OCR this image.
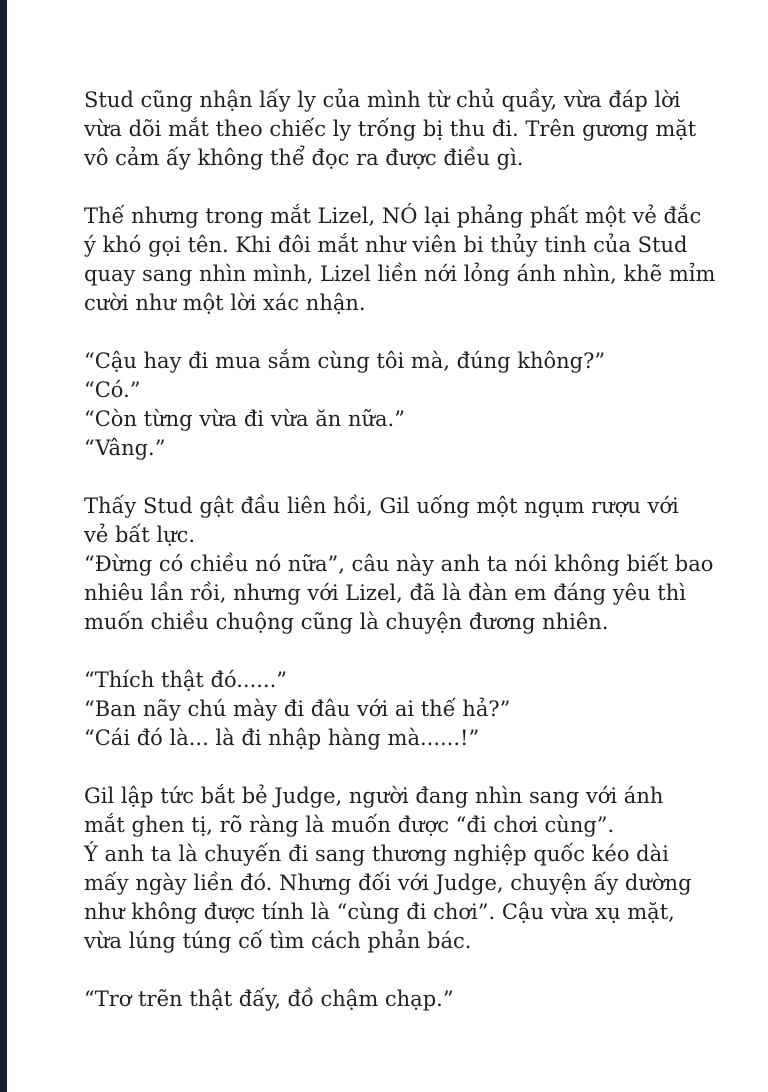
Stud cũng nhận lấy ly của mình từ chủ quầy, vừa đáp lời
vừa dõi mắt theo chiếc ly trống bị thu đi. Trên gương mặt
vô cảm ấy không thể đọc ra được điều gì.
Thế nhưng trong mắt Lizel, NÓ lại phảng phất một vẻ đắc
ý khó gọi tên. Khi đôi mắt như viên bi thủy tinh của Stud
quay sang nhìn mình, Lizel liền nới lỏng ánh nhìn, khẽ mỉm
cười như một lời xác nhận.
“Cậu hay đi mua sắm cùng tôi mà, đúng không?”
“Có.”
“Còn từng vừa đi vừa ăn nữa.”
“Vâng.”
Thấy Stud gật đầu liên hồi, Gil uống một ngụm rượu với
vẻ bất lực.
“Đừng có chiều nó nữa”, câu này anh ta nói không biết bao
nhiêu lần rồi, nhưng với Lizel, đã là đàn em đáng yêu thì
muốn chiều chuộng cũng là chuyện đương nhiên.
“Thích thật đó......”
“Ban nãy chú mày đi đâu với ai thế hả?”
“Cái đó là... là đi nhập hàng mà......!”
Gil lập tức bắt bẻ Judge, người đang nhìn sang với ánh
mắt ghen tị, rõ ràng là muốn được “đi chơi cùng”.
Ý anh ta là chuyến đi sang thương nghiệp quốc kéo dài
mấy ngày liền đó. Nhưng đối với Judge, chuyện ấy dường
như không được tính là “cùng đi chơi”. Cậu vừa xụ mặt,
vừa lúng túng cố tìm cách phản bác.
“Trơ trẽn thật đấy, đồ chậm chạp.”
